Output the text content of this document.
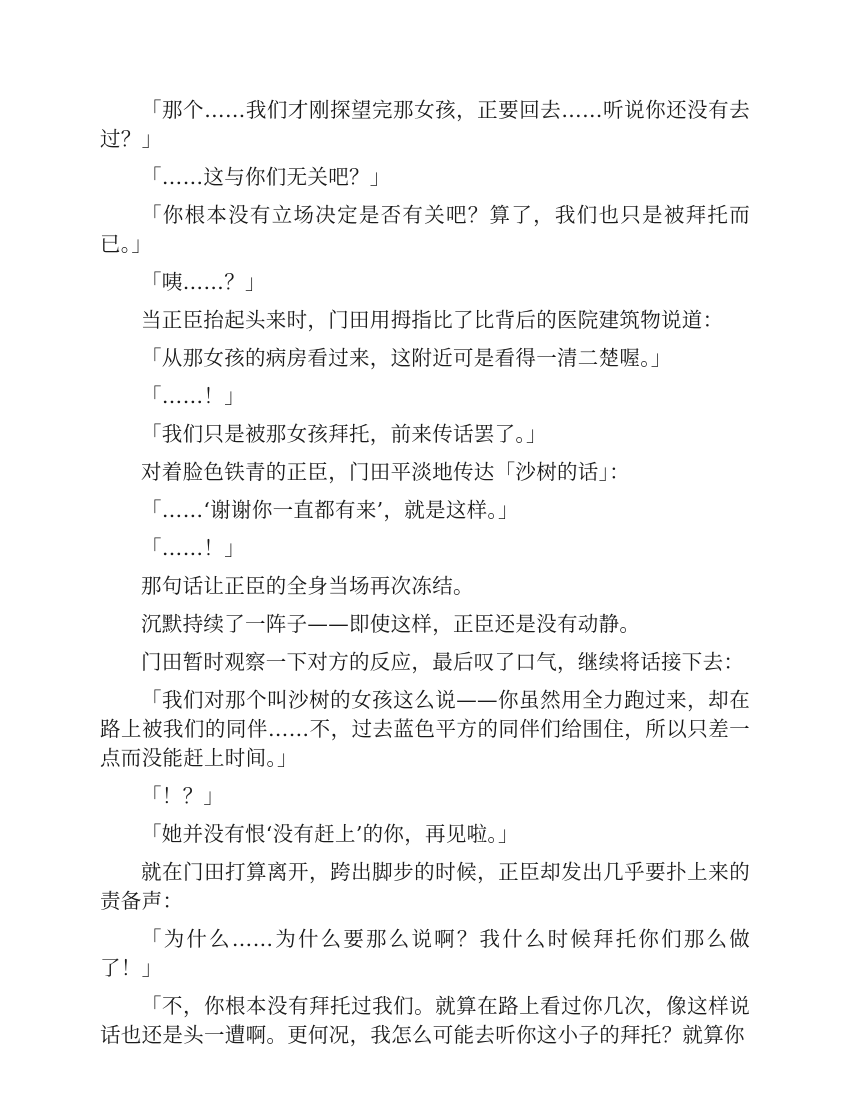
「那个……我们才刚探望完那女孩，正要回去……听说你还没有去过？」

「……这与你们无关吧？」

「你根本没有立场决定是否有关吧？算了，我们也只是被拜托而已。」

「咦……？」

当正臣抬起头来时，门田用拇指比了比背后的医院建筑物说道：

「从那女孩的病房看过来，这附近可是看得一清二楚喔。」

「……！」

「我们只是被那女孩拜托，前来传话罢了。」

对着脸色铁青的正臣，门田平淡地传达「沙树的话」：

「……‘谢谢你一直都有来’，就是这样。」

「……！」

那句话让正臣的全身当场再次冻结。

沉默持续了一阵子——即使这样，正臣还是没有动静。

门田暂时观察一下对方的反应，最后叹了口气，继续将话接下去：

「我们对那个叫沙树的女孩这么说——你虽然用全力跑过来，却在路上被我们的同伴……不，过去蓝色平方的同伴们给围住，所以只差一点而没能赶上时间。」

「！？」

「她并没有恨‘没有赶上’的你，再见啦。」

就在门田打算离开，跨出脚步的时候，正臣却发出几乎要扑上来的责备声：

「为什么……为什么要那么说啊？我什么时候拜托你们那么做了！」

「不，你根本没有拜托过我们。就算在路上看过你几次，像这样说话也还是头一遭啊。更何况，我怎么可能去听你这小子的拜托？就算你
